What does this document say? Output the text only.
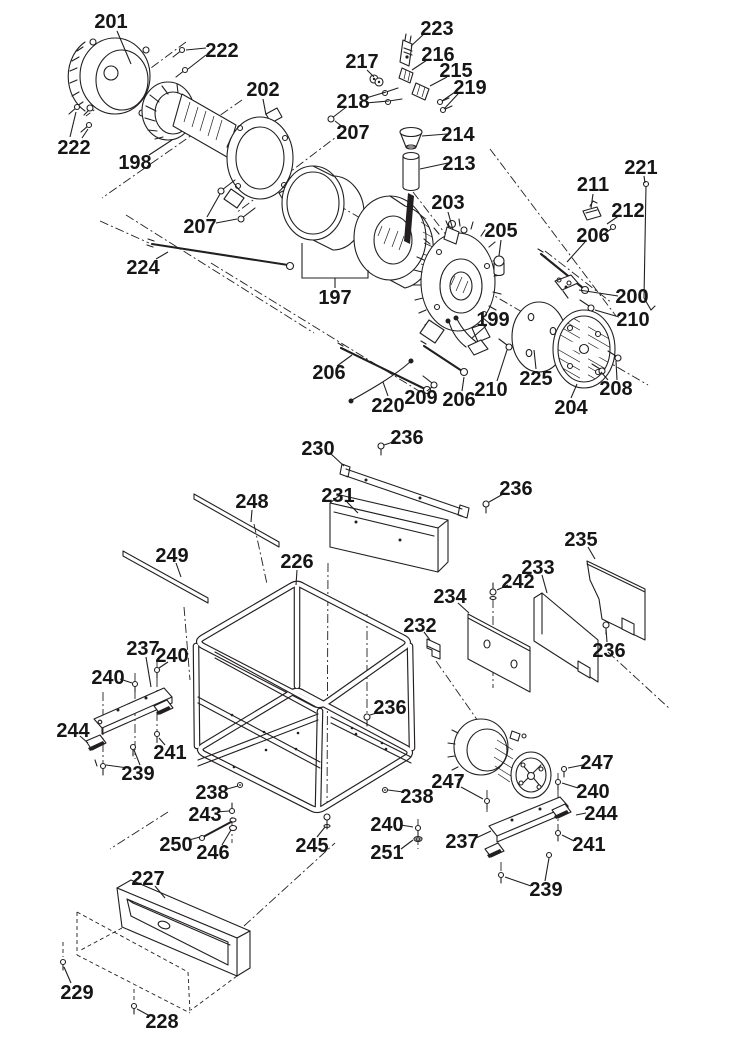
201
222
202
222
198
207
224
223
217 216
215
218
219
207	214
213
203
205
211
221
212
206
200
210
199
197
206
220 209 206
210 225
204
208
230	236
231	236
248
249	226
235
233
242
234
232
236
237
240
240
244
241
239
236
238	238
243
250 246	245
240
251
247
247
240
244
241
237
239
227
229
228
